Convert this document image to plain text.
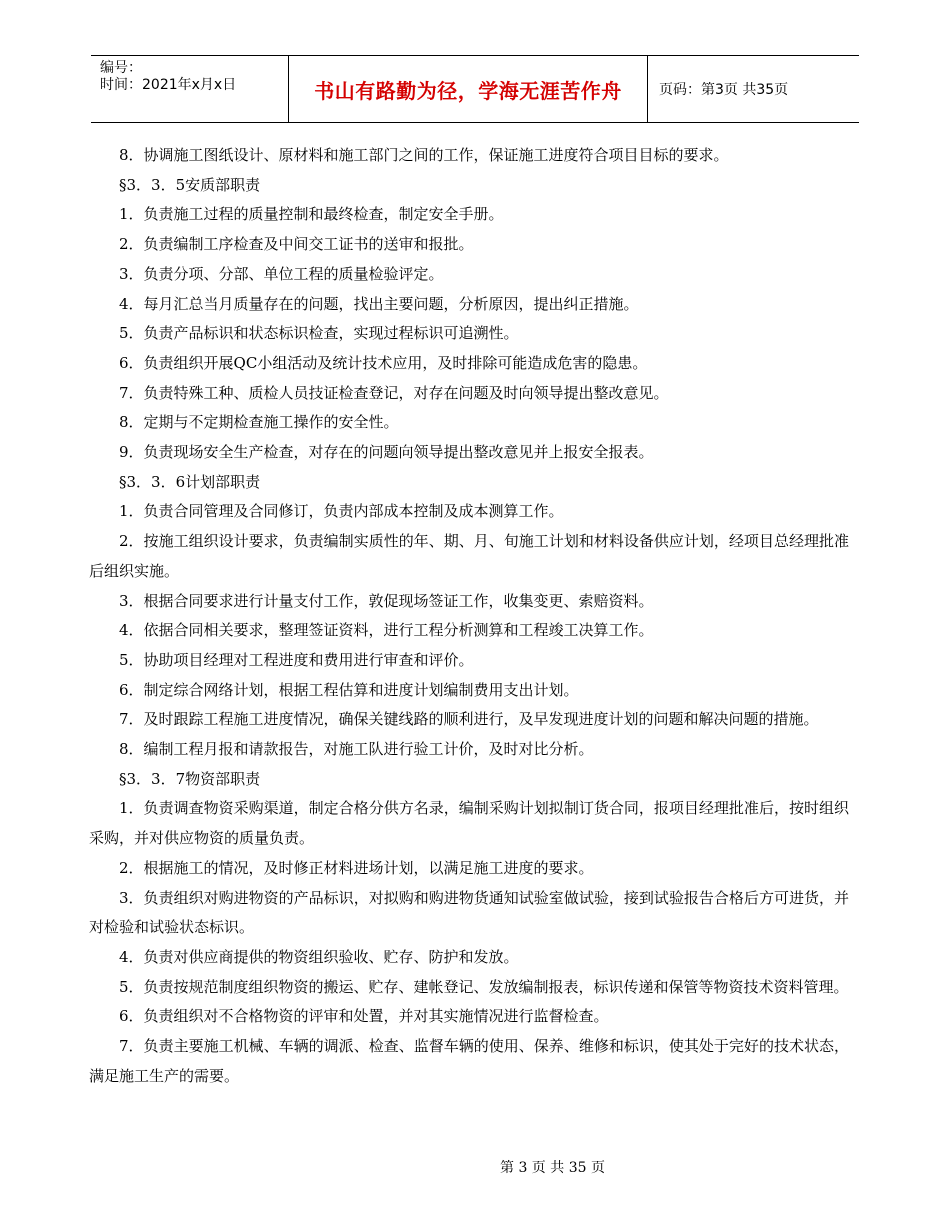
编号：
时间：2021年x月x日	书山有路勤为径，学海无涯苦作舟	页码：第3页 共35页

8．协调施工图纸设计、原材料和施工部门之间的工作，保证施工进度符合项目目标的要求。

§3．3．5安质部职责

1．负责施工过程的质量控制和最终检查，制定安全手册。

2．负责编制工序检查及中间交工证书的送审和报批。

3．负责分项、分部、单位工程的质量检验评定。

4．每月汇总当月质量存在的问题，找出主要问题，分析原因，提出纠正措施。

5．负责产品标识和状态标识检查，实现过程标识可追溯性。

6．负责组织开展QC小组活动及统计技术应用，及时排除可能造成危害的隐患。

7．负责特殊工种、质检人员技证检查登记，对存在问题及时向领导提出整改意见。

8．定期与不定期检查施工操作的安全性。

9．负责现场安全生产检查，对存在的问题向领导提出整改意见并上报安全报表。

§3．3．6计划部职责

1．负责合同管理及合同修订，负责内部成本控制及成本测算工作。

2．按施工组织设计要求，负责编制实质性的年、期、月、旬施工计划和材料设备供应计划，经项目总经理批准后组织实施。

3．根据合同要求进行计量支付工作，敦促现场签证工作，收集变更、索赔资料。

4．依据合同相关要求，整理签证资料，进行工程分析测算和工程竣工决算工作。

5．协助项目经理对工程进度和费用进行审查和评价。

6．制定综合网络计划，根据工程估算和进度计划编制费用支出计划。

7．及时跟踪工程施工进度情况，确保关键线路的顺利进行，及早发现进度计划的问题和解决问题的措施。

8．编制工程月报和请款报告，对施工队进行验工计价，及时对比分析。

§3．3．7物资部职责

1．负责调查物资采购渠道，制定合格分供方名录，编制采购计划拟制订货合同，报项目经理批准后，按时组织采购，并对供应物资的质量负责。

2．根据施工的情况，及时修正材料进场计划，以满足施工进度的要求。

3．负责组织对购进物资的产品标识，对拟购和购进物货通知试验室做试验，接到试验报告合格后方可进货，并对检验和试验状态标识。

4．负责对供应商提供的物资组织验收、贮存、防护和发放。

5．负责按规范制度组织物资的搬运、贮存、建帐登记、发放编制报表，标识传递和保管等物资技术资料管理。

6．负责组织对不合格物资的评审和处置，并对其实施情况进行监督检查。

7．负责主要施工机械、车辆的调派、检查、监督车辆的使用、保养、维修和标识，使其处于完好的技术状态，满足施工生产的需要。

第 3 页 共 35 页
